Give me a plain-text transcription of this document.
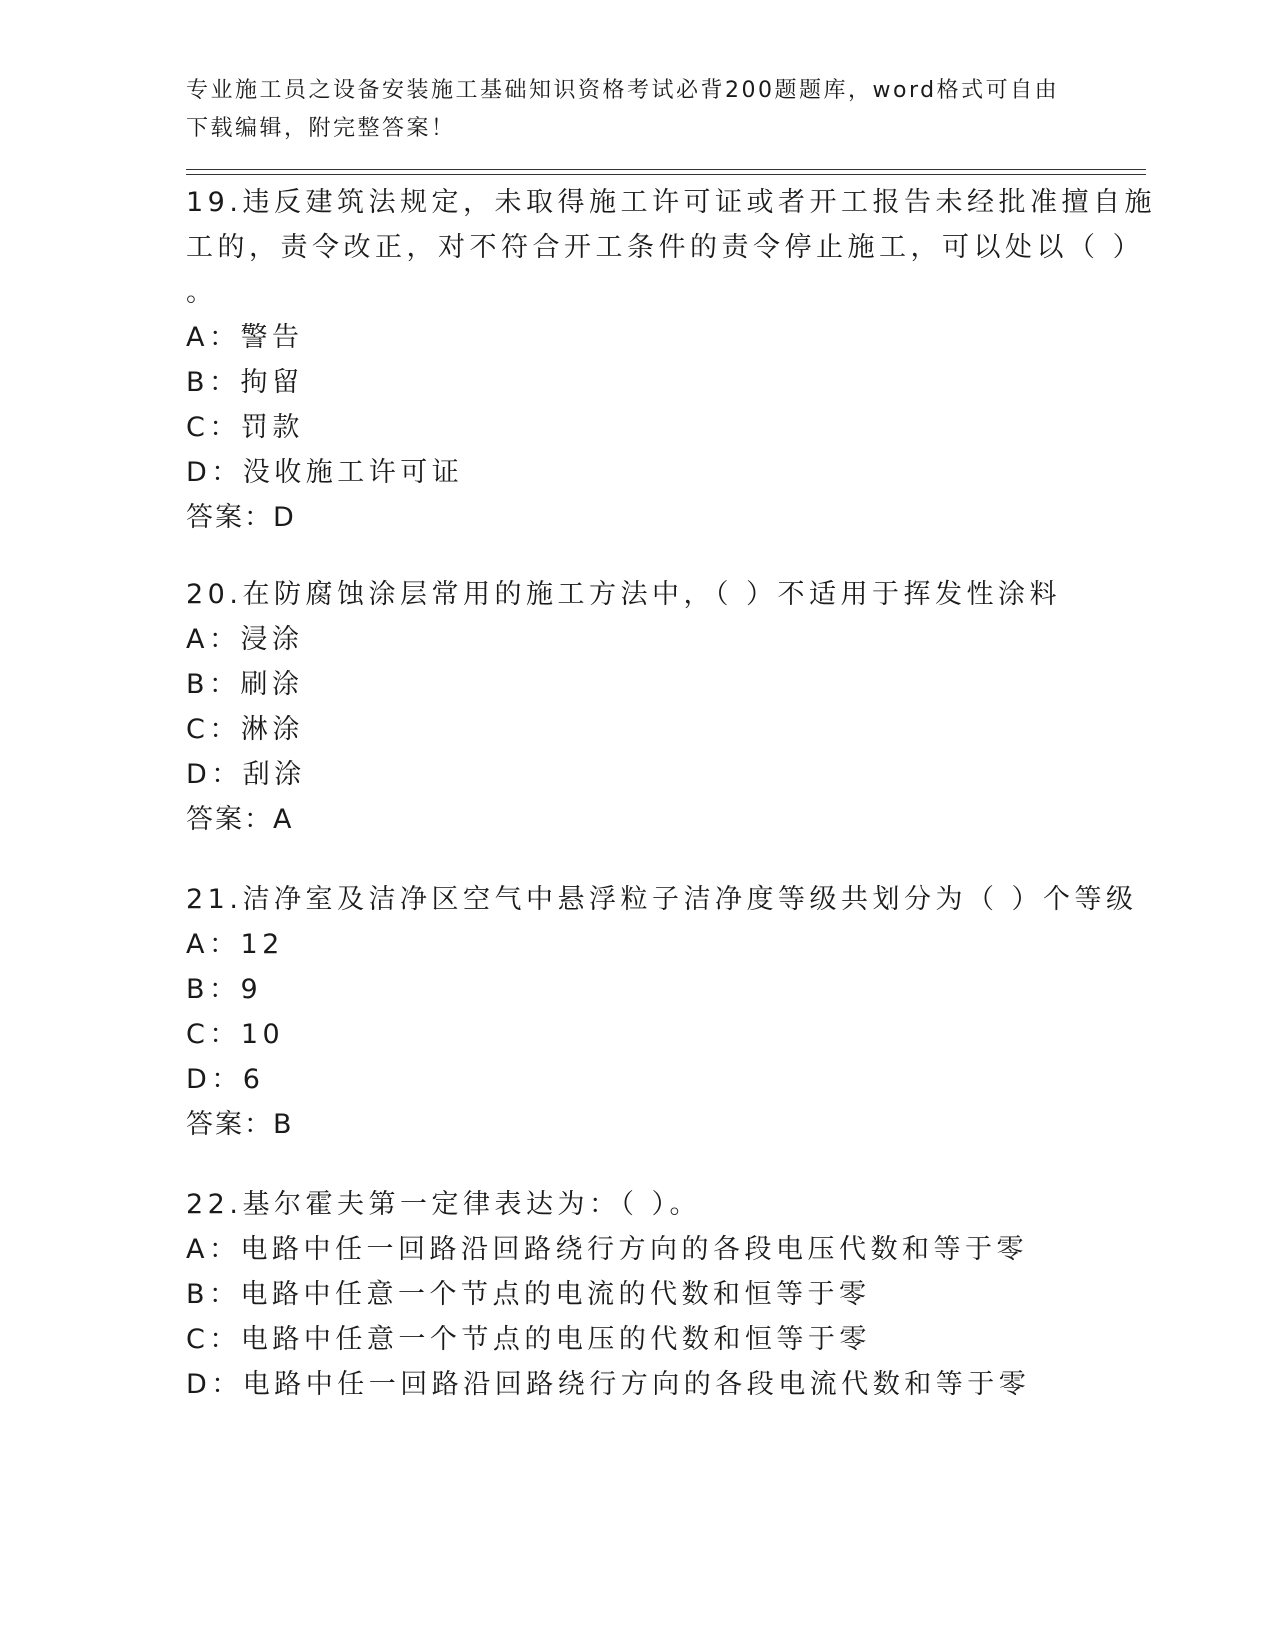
专业施工员之设备安装施工基础知识资格考试必背200题题库，word格式可自由
下载编辑，附完整答案！
19.违反建筑法规定，未取得施工许可证或者开工报告未经批准擅自施
工的，责令改正，对不符合开工条件的责令停止施工，可以处以（ ）
。
A：警告
B：拘留
C：罚款
D：没收施工许可证
答案：D
20.在防腐蚀涂层常用的施工方法中，（ ）不适用于挥发性涂料
A：浸涂
B：刷涂
C：淋涂
D：刮涂
答案：A
21.洁净室及洁净区空气中悬浮粒子洁净度等级共划分为（ ）个等级
A：12
B：9
C：10
D：6
答案：B
22.基尔霍夫第一定律表达为：（ ）。
A：电路中任一回路沿回路绕行方向的各段电压代数和等于零
B：电路中任意一个节点的电流的代数和恒等于零
C：电路中任意一个节点的电压的代数和恒等于零
D：电路中任一回路沿回路绕行方向的各段电流代数和等于零
